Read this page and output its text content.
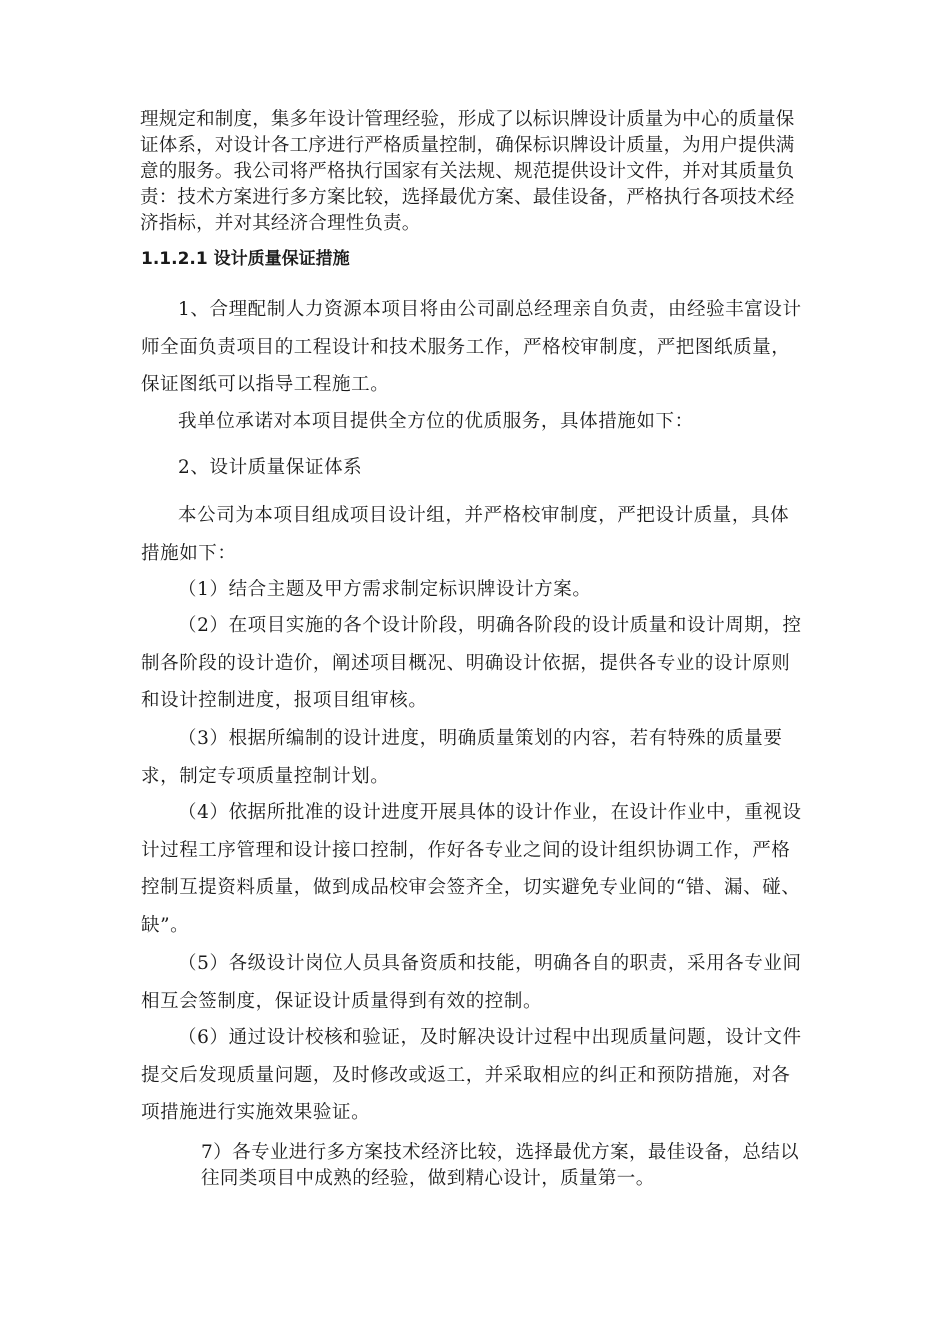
理规定和制度，集多年设计管理经验，形成了以标识牌设计质量为中心的质量保证体系，对设计各工序进行严格质量控制，确保标识牌设计质量，为用户提供满意的服务。我公司将严格执行国家有关法规、规范提供设计文件，并对其质量负责：技术方案进行多方案比较，选择最优方案、最佳设备，严格执行各项技术经济指标，并对其经济合理性负责。

1.1.2.1 设计质量保证措施

1、合理配制人力资源本项目将由公司副总经理亲自负责，由经验丰富设计师全面负责项目的工程设计和技术服务工作，严格校审制度，严把图纸质量，保证图纸可以指导工程施工。

我单位承诺对本项目提供全方位的优质服务，具体措施如下：

2、设计质量保证体系

本公司为本项目组成项目设计组，并严格校审制度，严把设计质量，具体措施如下：

（1）结合主题及甲方需求制定标识牌设计方案。

（2）在项目实施的各个设计阶段，明确各阶段的设计质量和设计周期，控制各阶段的设计造价，阐述项目概况、明确设计依据，提供各专业的设计原则和设计控制进度，报项目组审核。

（3）根据所编制的设计进度，明确质量策划的内容，若有特殊的质量要求，制定专项质量控制计划。

（4）依据所批准的设计进度开展具体的设计作业，在设计作业中，重视设计过程工序管理和设计接口控制，作好各专业之间的设计组织协调工作，严格控制互提资料质量，做到成品校审会签齐全，切实避免专业间的“错、漏、碰、缺”。

（5）各级设计岗位人员具备资质和技能，明确各自的职责，采用各专业间相互会签制度，保证设计质量得到有效的控制。

（6）通过设计校核和验证，及时解决设计过程中出现质量问题，设计文件提交后发现质量问题，及时修改或返工，并采取相应的纠正和预防措施，对各项措施进行实施效果验证。

7）各专业进行多方案技术经济比较，选择最优方案，最佳设备，总结以往同类项目中成熟的经验，做到精心设计，质量第一。
